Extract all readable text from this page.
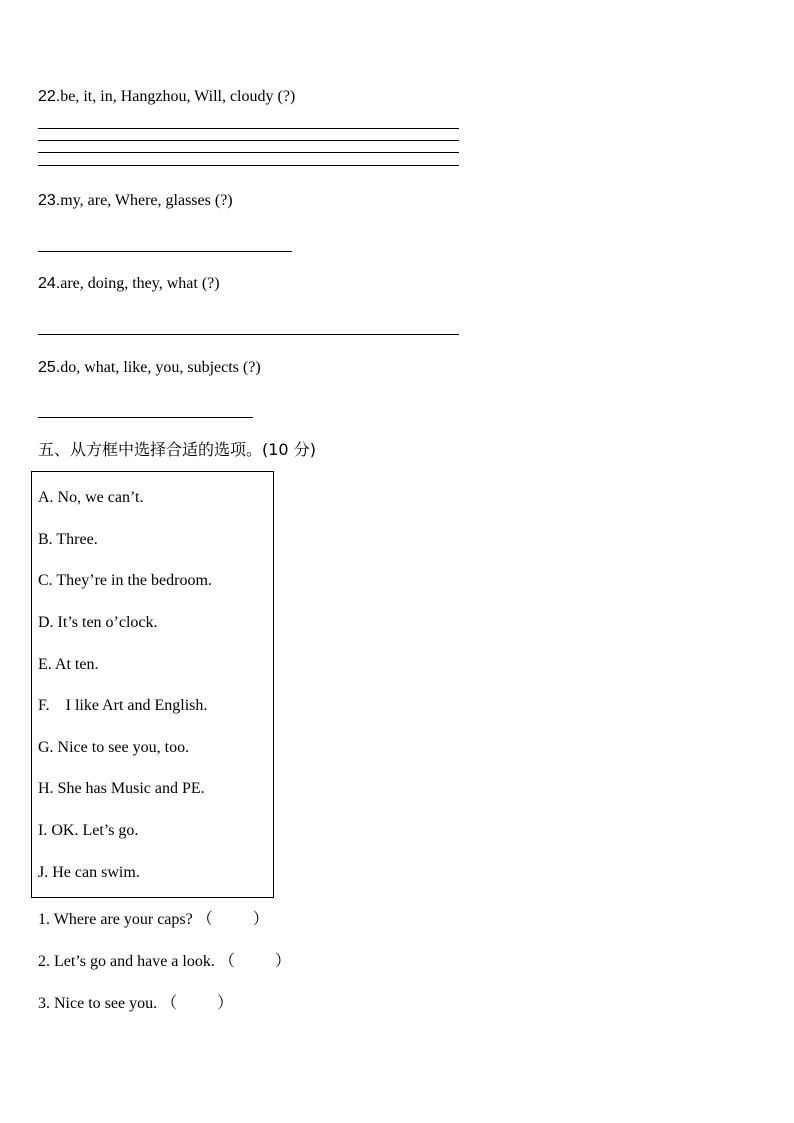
22.be, it, in, Hangzhou, Will, cloudy (?)
23.my, are, Where, glasses (?)
24.are, doing, they, what (?)
25.do, what, like, you, subjects (?)
五、从方框中选择合适的选项。(10 分)
A. No, we can’t.
B. Three.
C. They’re in the bedroom.
D. It’s ten o’clock.
E. At ten.
F.    I like Art and English.
G. Nice to see you, too.
H. She has Music and PE.
I. OK. Let’s go.
J. He can swim.
1. Where are your caps? （          ）
2. Let’s go and have a look. （          ）
3. Nice to see you. （          ）
